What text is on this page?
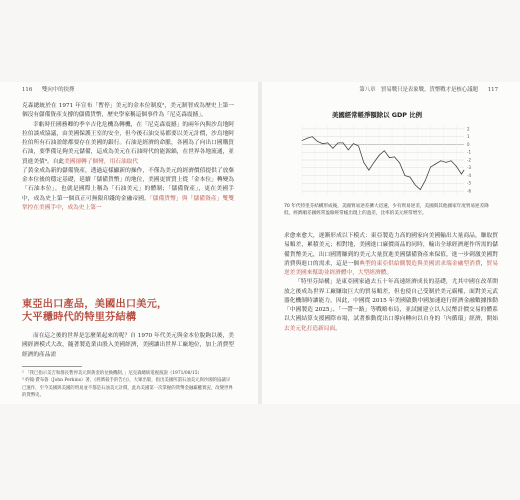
116 雙向中的抉擇

克森總統於在 1971 年宣布「暫停」美元的金本位制度²，美元制智成為歷史上第一個沒有儲備資產支撐的儲備貨幣，歷史學家稱這個事件為「尼克森震撼」。

幸虧時任國務卿的季辛吉化危機為轉機，在「尼克森震撼」的兩年內與沙烏地阿拉伯談成協議，由美國保護王室的安全，但今後石油交易都要以美元計價，沙烏地阿拉伯所有石油盈餘都要存在美國的銀行。石油是經濟的命脈，各國為了向出口國購買石油，要準備足夠美元儲備，這成為美元在石油時代的能源錨，在世界各地流通，並買進美債³。自此美國卻轉了個彎，用石油取代

了黃金成為新的儲備資產，透過這樣顯新的操作，不僅為美元的經濟價值提供了放棄金本位後的穩定基礎，延續「儲備貨幣」的地位，美國更實質上從「金本位」轉變為「石油本位」，也就是國際上稱為「石油美元」的體制；「儲備資產」，更在美國手中，成為史上第一個真正可無限印錢的金融帝國。「儲備貨幣」與「儲備資產」雙雙掌控在美國手中，成為史上第一

東亞出口產品，美國出口美元，
大平穩時代的特里芬結構

而在這之後的世界是怎麼架起來的呢？自 1970 年代美元與金本位脫鉤以後，美國經濟模式大改，隨著製造業由股入美國經濟，美國讓出世界工廠地位，加上消費型經濟的產品需

² 「我已指示美吉和群長暫停美元與黃金的兌換機制，」尼克森總統電視演說（1971/08/15）

³ 約翰·費布魯（John Perkins）著，《經濟殺手的告白》，大眾出版，指出美國所謂石油美元與沙國的協議早已運作，至今美國與美國的貿易並不都是石油美元計價，此為美國第一次掌握的貨幣金融霸權實況，改變世界的貨幣史。

第八章　貿易戰只是表象戰，貨幣戰才是核心議題 117
美國經常帳淨額除以 GDP 比例
2
1
0
-1
-2
-3
-4
-5
-6
70 年代特里芬結構形成後，美國貿易逆差擴大迅速，少有貿易逆差，美國與其他國家年度貿易逆差降低，經濟順差國經常盈餘經常帳出現上的盈差，比率的美元經常增至。

求愈來愈大，逐漸形成以下模式：東亞製造力高的國家向美國輸出大量商品，賺取貿易順差，累積美元；相對地，美國進口廉價商品的同時，輸出全球經濟運作所需的儲備貨幣美元，出口國將賺到的美元大量買進美國儲備資產來保值，進一步刺激美國對消費與進口的需求，這是一個典型的東亞供給側製造與美國需求端金融型消費，貿易逆差美國來幫助並經濟體中，大型經濟體。

「特里芬結構」是東亞國家過去五十年高速經濟成長的基礎，尤其中國在改革開放之後成為世界工廠賺取巨大的貿易順差，但也使自己受制於美元霸權，面對美元武器化機制時讓能力，因此，中國從 2015 年美國啟動中國加速進行經濟金融數據推動「中國製造 2025」、「一帶一路」等戰略布局，並試圖建立以人民幣計價交易的體系以大國結算支援國際市場，試著推動從出口導向轉向以自身的「內循環」經濟，開始去美元化打造新局面。
